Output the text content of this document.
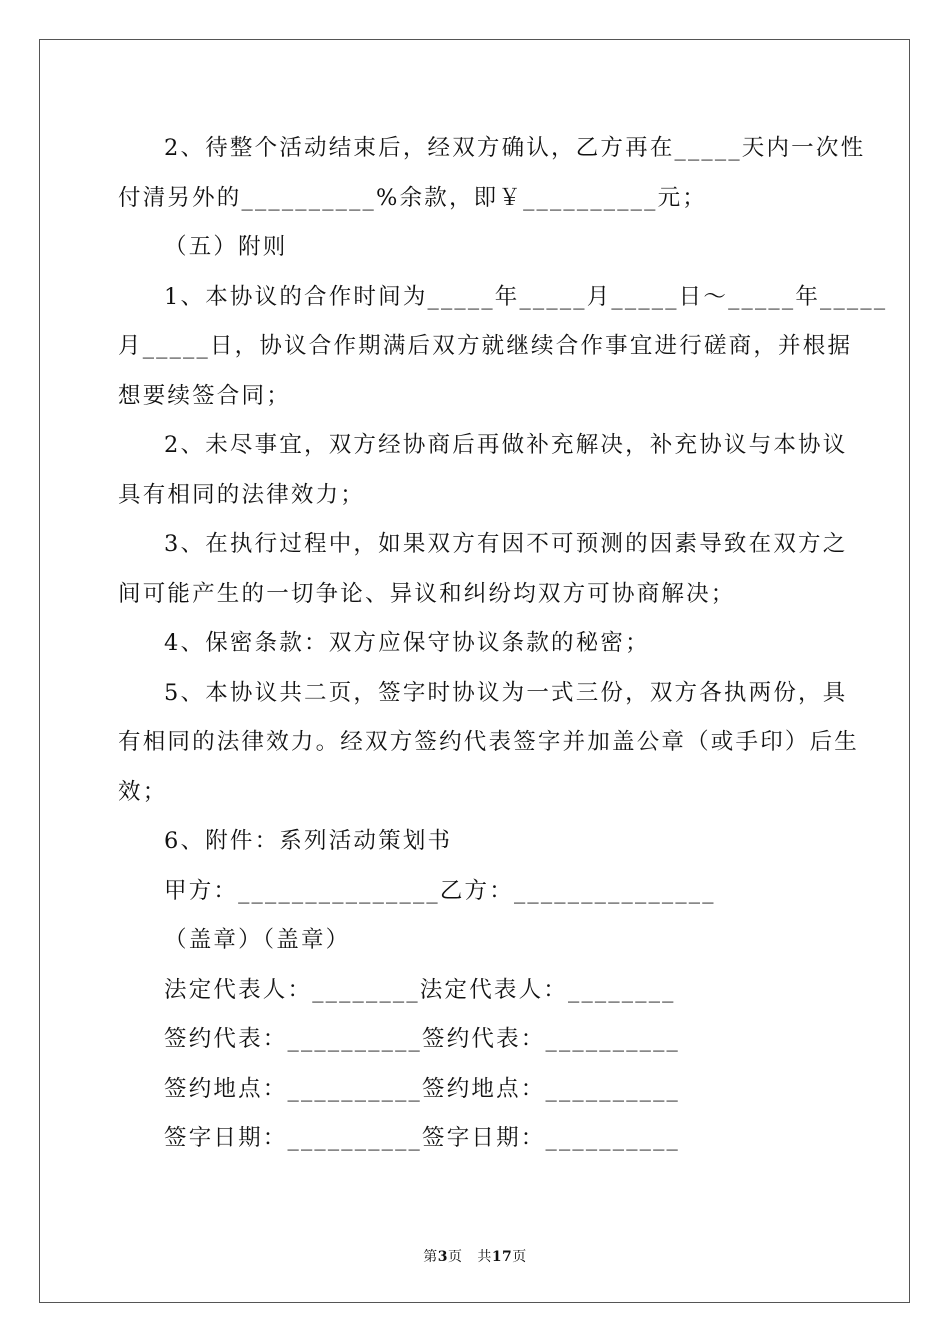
2、待整个活动结束后，经双方确认，乙方再在_____天内一次性
付清另外的__________%余款，即￥__________元；
（五）附则
1、本协议的合作时间为_____年_____月_____日～_____年_____
月_____日，协议合作期满后双方就继续合作事宜进行磋商，并根据
想要续签合同；
2、未尽事宜，双方经协商后再做补充解决，补充协议与本协议
具有相同的法律效力；
3、在执行过程中，如果双方有因不可预测的因素导致在双方之
间可能产生的一切争论、异议和纠纷均双方可协商解决；
4、保密条款：双方应保守协议条款的秘密；
5、本协议共二页，签字时协议为一式三份，双方各执两份，具
有相同的法律效力。经双方签约代表签字并加盖公章（或手印）后生
效；
6、附件：系列活动策划书
甲方：_______________乙方：_______________
（盖章）（盖章）
法定代表人：________法定代表人：________
签约代表：__________签约代表：__________
签约地点：__________签约地点：__________
签字日期：__________签字日期：__________
第3页 共17页
